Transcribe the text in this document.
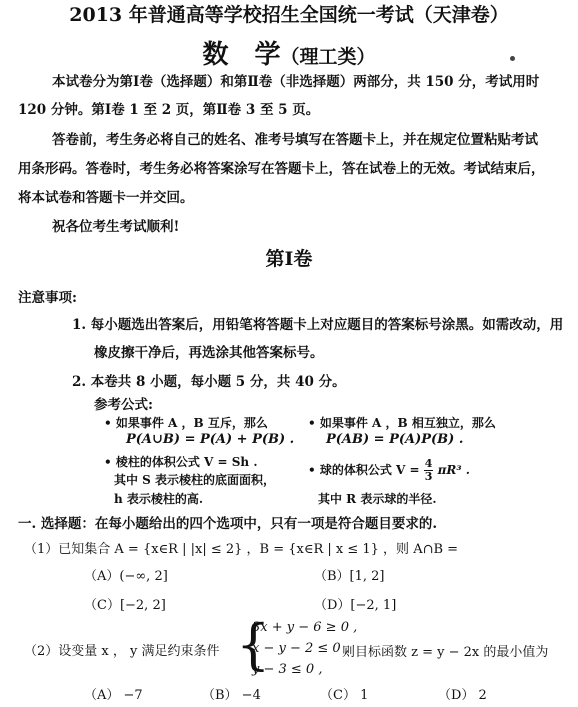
2013 年普通高等学校招生全国统一考试（天津卷）
数　学（理工类）
本试卷分为第Ⅰ卷（选择题）和第Ⅱ卷（非选择题）两部分，共 150 分，考试用时
120 分钟。第Ⅰ卷 1 至 2 页，第Ⅱ卷 3 至 5 页。
答卷前，考生务必将自己的姓名、准考号填写在答题卡上，并在规定位置粘贴考试
用条形码。答卷时，考生务必将答案涂写在答题卡上，答在试卷上的无效。考试结束后，
将本试卷和答题卡一并交回。
祝各位考生考试顺利!
第Ⅰ卷
注意事项:
1. 每小题选出答案后，用铅笔将答题卡上对应题目的答案标号涂黑。如需改动，用
橡皮擦干净后，再选涂其他答案标号。
2. 本卷共 8 小题，每小题 5 分，共 40 分。
参考公式:
• 如果事件 A ，B 互斥，那么
P(A∪B) = P(A) + P(B) .
• 如果事件 A ，B 相互独立，那么
P(AB) = P(A)P(B) .
• 棱柱的体积公式 V = Sh .
其中 S 表示棱柱的底面面积，
h 表示棱柱的高.
• 球的体积公式 $V = \frac{4}{3} \pi R^3$ .
其中 R 表示球的半径.
一. 选择题：在每小题给出的四个选项中，只有一项是符合题目要求的.
（1）已知集合 A = {x∈R | |x| ≤ 2} ，B = {x∈R | x ≤ 1} ，则 A∩B =
（A）(−∞, 2]	（B）[1, 2]
（C）[−2, 2]	（D）[−2, 1]
（2）设变量 x ， y 满足约束条件 {
3x + y − 6 ≥ 0 ,
x − y − 2 ≤ 0 ,
y − 3 ≤ 0 ,
则目标函数 z = y − 2x 的最小值为
（A） −7	（B） −4	（C） 1	（D） 2
